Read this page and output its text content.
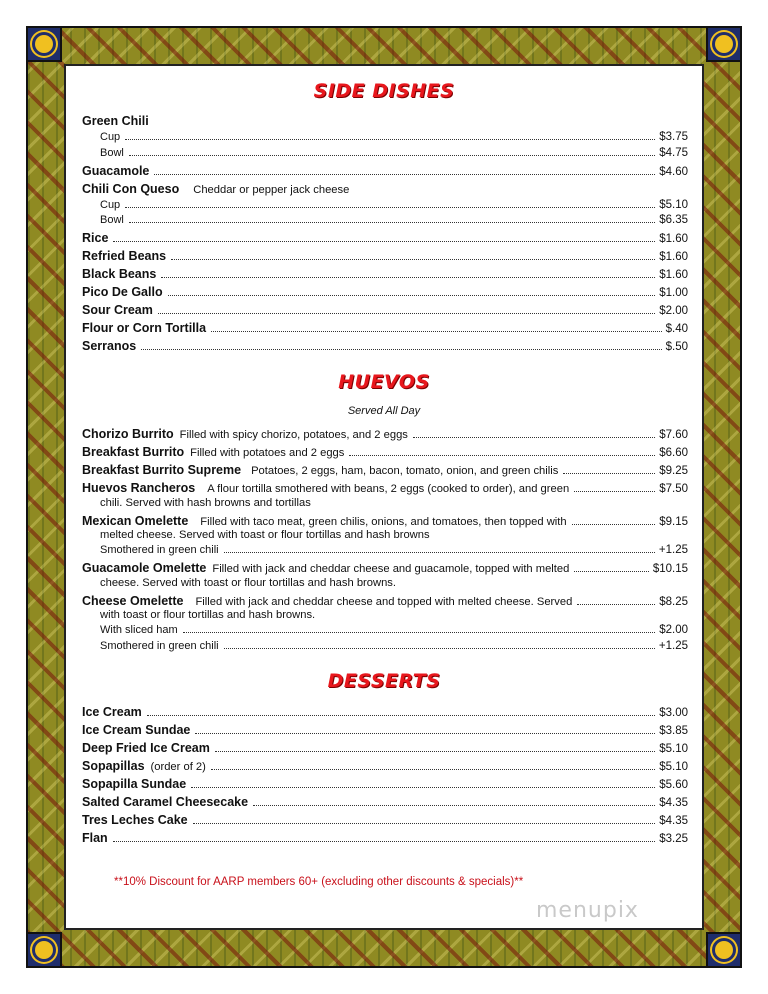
SIDE DISHES
Green Chili
Cup	$3.75
Bowl	$4.75
Guacamole	$4.60
Chili Con Queso Cheddar or pepper jack cheese
Cup	$5.10
Bowl	$6.35
Rice	$1.60
Refried Beans	$1.60
Black Beans	$1.60
Pico De Gallo	$1.00
Sour Cream	$2.00
Flour or Corn Tortilla	$.40
Serranos	$.50
HUEVOS
Served All Day
Chorizo Burrito Filled with spicy chorizo, potatoes, and 2 eggs	$7.60
Breakfast Burrito Filled with potatoes and 2 eggs	$6.60
Breakfast Burrito Supreme Potatoes, 2 eggs, ham, bacon, tomato, onion, and green chilis	$9.25
Huevos Rancheros A flour tortilla smothered with beans, 2 eggs (cooked to order), and green	$7.50
chili. Served with hash browns and tortillas
Mexican Omelette Filled with taco meat, green chilis, onions, and tomatoes, then topped with	$9.15
melted cheese. Served with toast or flour tortillas and hash browns
Smothered in green chili	+1.25
Guacamole Omelette Filled with jack and cheddar cheese and guacamole, topped with melted	$10.15
cheese. Served with toast or flour tortillas and hash browns.
Cheese Omelette Filled with jack and cheddar cheese and topped with melted cheese. Served	$8.25
with toast or flour tortillas and hash browns.
With sliced ham	$2.00
Smothered in green chili	+1.25
DESSERTS
Ice Cream	$3.00
Ice Cream Sundae	$3.85
Deep Fried Ice Cream	$5.10
Sopapillas (order of 2)	$5.10
Sopapilla Sundae	$5.60
Salted Caramel Cheesecake	$4.35
Tres Leches Cake	$4.35
Flan	$3.25
**10% Discount for AARP members 60+ (excluding other discounts & specials)**
menupix
